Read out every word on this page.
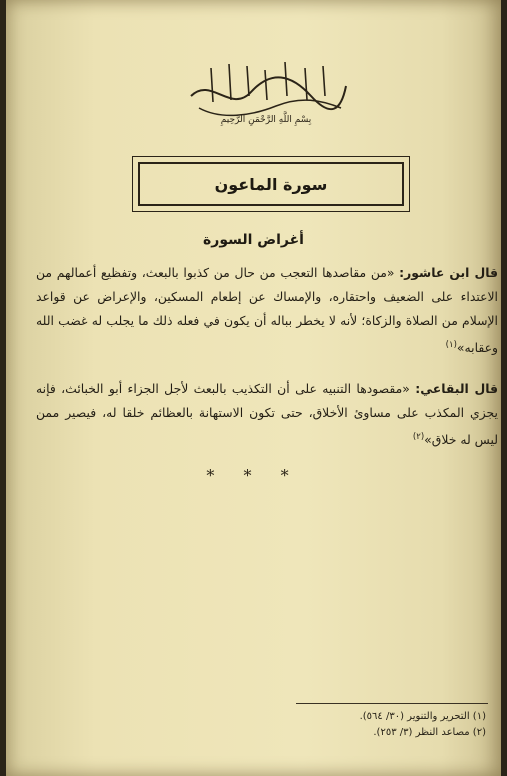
بِسْمِ اللَّهِ الرَّحْمَنِ الرَّحِيمِ
سورة الماعون
أغراض السورة
قال ابن عاشور: «من مقاصدها التعجب من حال من كذبوا بالبعث، وتفظيع أعمالهم من الاعتداء على الضعيف واحتقاره، والإمساك عن إطعام المسكين، والإعراض عن قواعد الإسلام من الصلاة والزكاة؛ لأنه لا يخطر بباله أن يكون في فعله ذلك ما يجلب له غضب الله وعقابه»$^{(١)}$
قال البقاعي: «مقصودها التنبيه على أن التكذيب بالبعث لأجل الجزاء أبو الخبائث، فإنه يجزي المكذب على مساوئ الأخلاق، حتى تكون الاستهانة بالعظائم خلقا له، فيصير ممن ليس له خلاق»$^{(٢)}$
* * *
(١) التحرير والتنوير (٣٠/ ٥٦٤).
(٢) مصاعد النظر (٣/ ٢٥٣).
